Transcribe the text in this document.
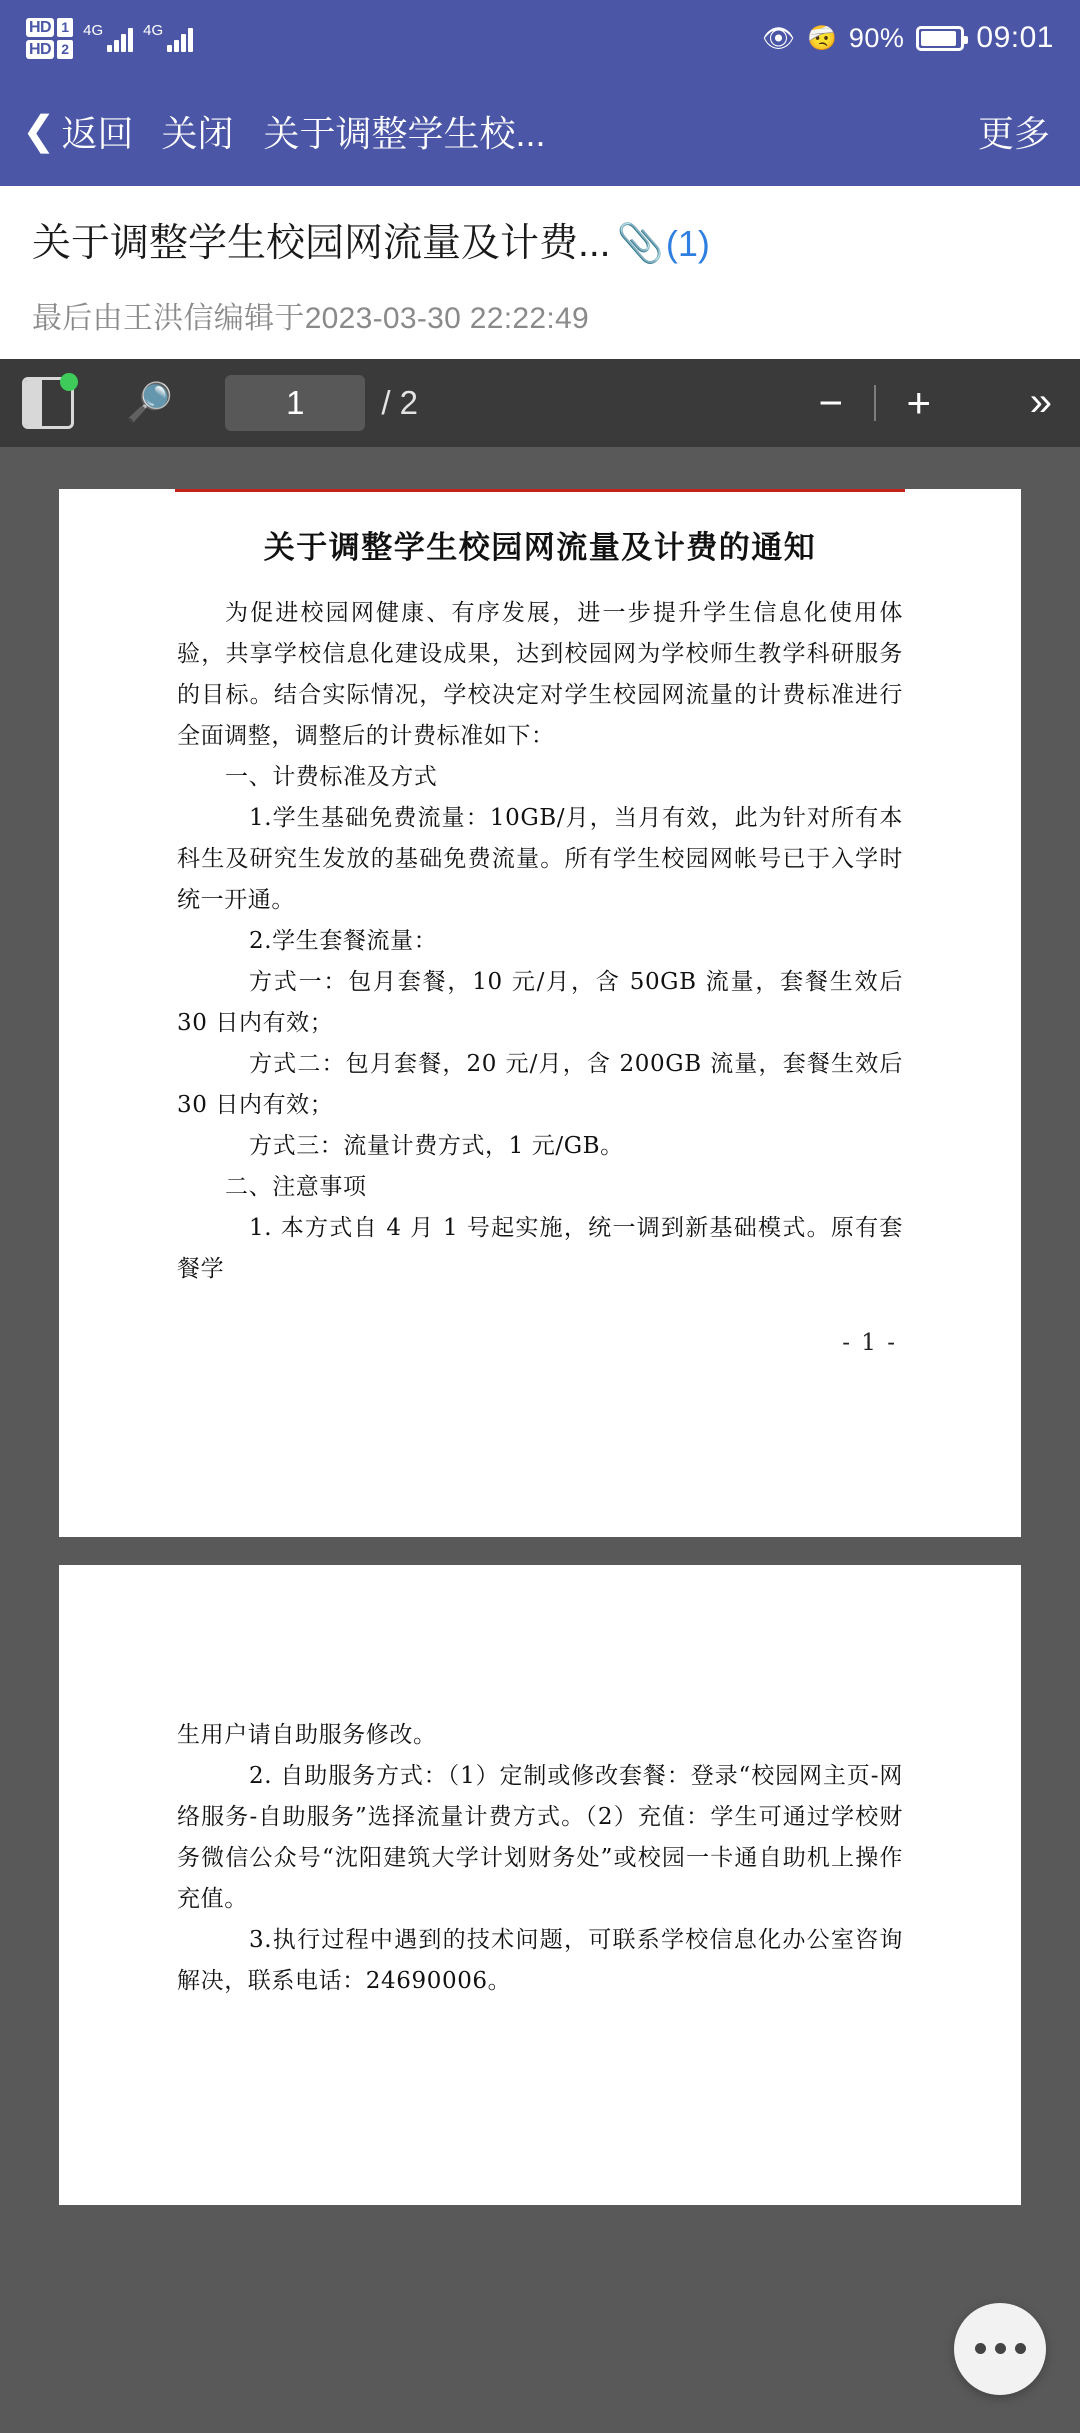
HD 1
HD 2
4G	4G	👁 🤕 90% 09:01
❮ 返回 关闭 关于调整学生校...	更多
关于调整学生校园网流量及计费... 📎 (1)
最后由王洪信编辑于2023-03-30 22:22:49
🔍	1	/ 2	−	+	»
关于调整学生校园网流量及计费的通知

为促进校园网健康、有序发展，进一步提升学生信息化使用体验，共享学校信息化建设成果，达到校园网为学校师生教学科研服务的目标。结合实际情况，学校决定对学生校园网流量的计费标准进行全面调整，调整后的计费标准如下：

一、计费标准及方式

1.学生基础免费流量：10GB/月，当月有效，此为针对所有本科生及研究生发放的基础免费流量。所有学生校园网帐号已于入学时统一开通。

2.学生套餐流量：

方式一：包月套餐，10 元/月，含 50GB 流量，套餐生效后 30 日内有效；

方式二：包月套餐，20 元/月，含 200GB 流量，套餐生效后 30 日内有效；

方式三：流量计费方式，1 元/GB。

二、注意事项

1. 本方式自 4 月 1 号起实施，统一调到新基础模式。原有套餐学

- 1 -

生用户请自助服务修改。

2. 自助服务方式：（1）定制或修改套餐：登录“校园网主页-网络服务-自助服务”选择流量计费方式。（2）充值：学生可通过学校财务微信公众号“沈阳建筑大学计划财务处”或校园一卡通自助机上操作充值。

3.执行过程中遇到的技术问题，可联系学校信息化办公室咨询解决，联系电话：24690006。
